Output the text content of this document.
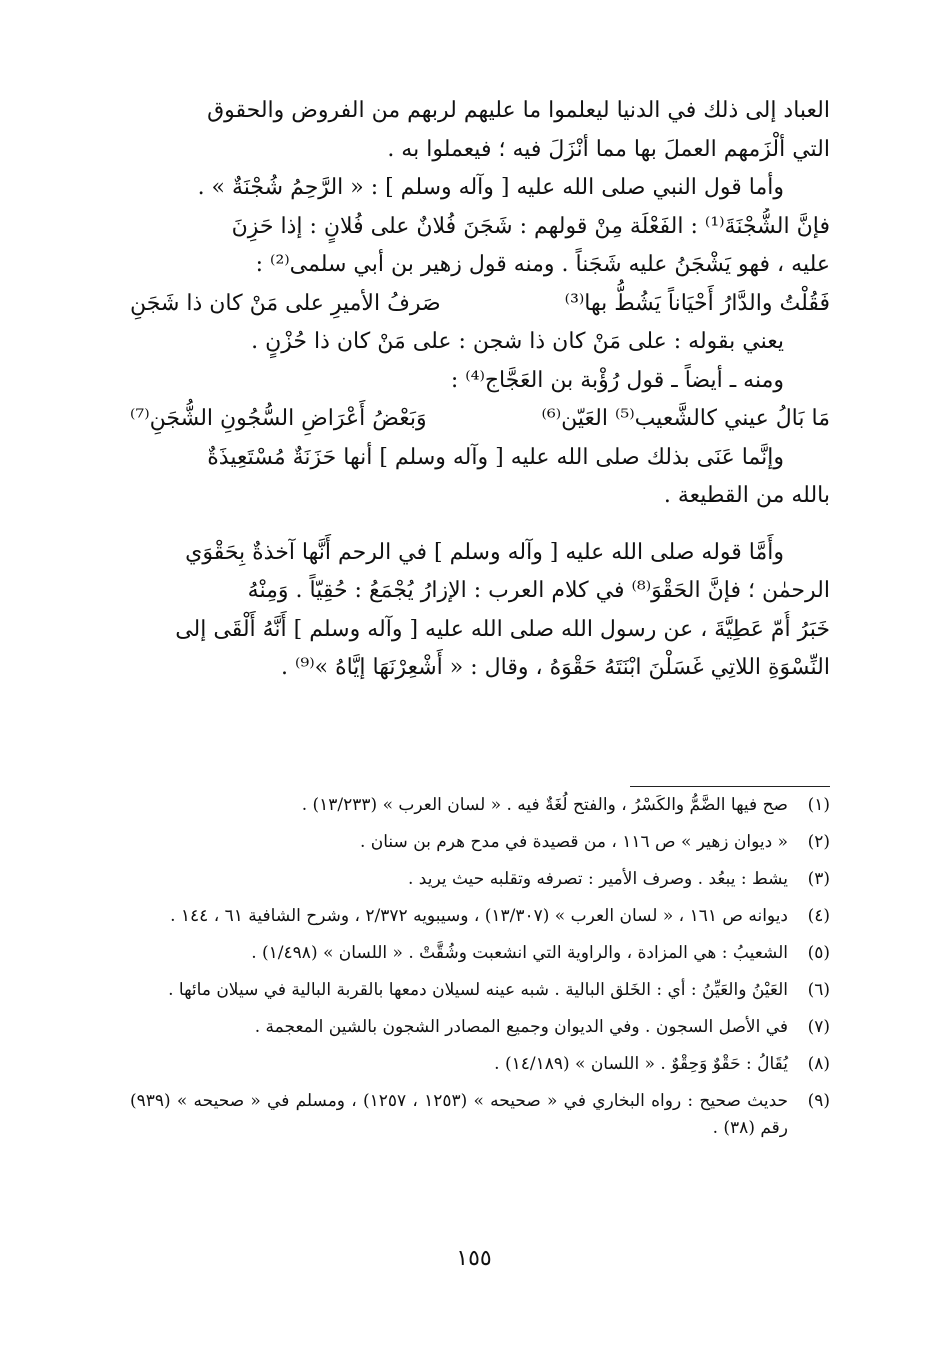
العباد إلى ذلك في الدنيا ليعلموا ما عليهم لربهم من الفروض والحقوق
التي ألْزَمهم العملَ بها مما أنْزَلَ فيه ؛ فيعملوا به .
وأما قول النبي صلى الله عليه [ وآله وسلم ] : « الرَّحِمُ شُجْنَةٌ » .
فإنَّ الشُّجْنَةَ⁽¹⁾ : الفَعْلَة مِنْ قولهم : شَجَنَ فُلانٌ على فُلانٍ : إذا حَزِنَ
عليه ، فهو يَشْجَنُ عليه شَجَناً . ومنه قول زهير بن أبي سلمى⁽²⁾ :
فَقُلْتُ والدَّارُ أَحْيَاناً يَشُطُّ بها⁽³⁾
صَرفُ الأميرِ على مَنْ كان ذا شَجَنِ
يعني بقوله : على مَنْ كان ذا شجن : على مَنْ كان ذا حُزْنٍ .
ومنه ـ أيضاً ـ قول رُؤْبة بن العَجَّاج⁽⁴⁾ :
مَا بَالُ عيني كالشَّعيب⁽⁵⁾ العَيّن⁽⁶⁾
وَبَعْضُ أَعْرَاضِ السُّجُونِ الشُّجَنِ⁽⁷⁾
وإنَّما عَنَى بذلك صلى الله عليه [ وآله وسلم ] أنها حَزَنَةٌ مُسْتَعِيذَةٌ
بالله من القطيعة .
وأَمَّا قوله صلى الله عليه [ وآله وسلم ] في الرحم أَنَّها آخذةٌ بِحَقْوَي
الرحمٰن ؛ فإنَّ الحَقْوَ⁽⁸⁾ في كلام العرب : الإزارُ يُجْمَعُ : حُقِيّاً . وَمِنْهُ
خَبَرُ أُمّ عَطِيَّةَ ، عن رسول الله صلى الله عليه [ وآله وسلم ] أَنَّهُ أَلْقَى إلى
النِّسْوَةِ اللاتِي غَسَلْنَ ابْنَتَهُ حَقْوَهُ ، وقال : « أَشْعِرْنَهَا إيَّاهُ »⁽⁹⁾ .
(١)
صح فيها الضَّمُّ والكَسْرُ ، والفتح لُغَةٌ فيه . « لسان العرب » (١٣/٢٣٣) .
(٢)
« ديوان زهير » ص ١١٦ ، من قصيدة في مدح هرم بن سنان .
(٣)
يشط : يبعُد . وصرف الأمير : تصرفه وتقلبه حيث يريد .
(٤)
ديوانه ص ١٦١ ، « لسان العرب » (١٣/٣٠٧) ، وسيبويه ٢/٣٧٢ ، وشرح الشافية ٦١ ، ١٤٤ .
(٥)
الشعيبُ : هي المزادة ، والراوية التي انشعبت وشُقَّتْ . « اللسان » (١/٤٩٨) .
(٦)
العَيْنُ والعَيِّنُ : أي : الخَلق البالية . شبه عينه لسيلان دمعها بالقربة البالية في سيلان مائها .
(٧)
في الأصل السجون . وفي الديوان وجميع المصادر الشجون بالشين المعجمة .
(٨)
يُقَالُ : حَقْوٌ وَحِقْوٌ . « اللسان » (١٤/١٨٩) .
(٩)
حديث صحيح : رواه البخاري في « صحيحه » (١٢٥٣ ، ١٢٥٧) ، ومسلم في « صحيحه » (٩٣٩) رقم (٣٨) .
١٥٥
